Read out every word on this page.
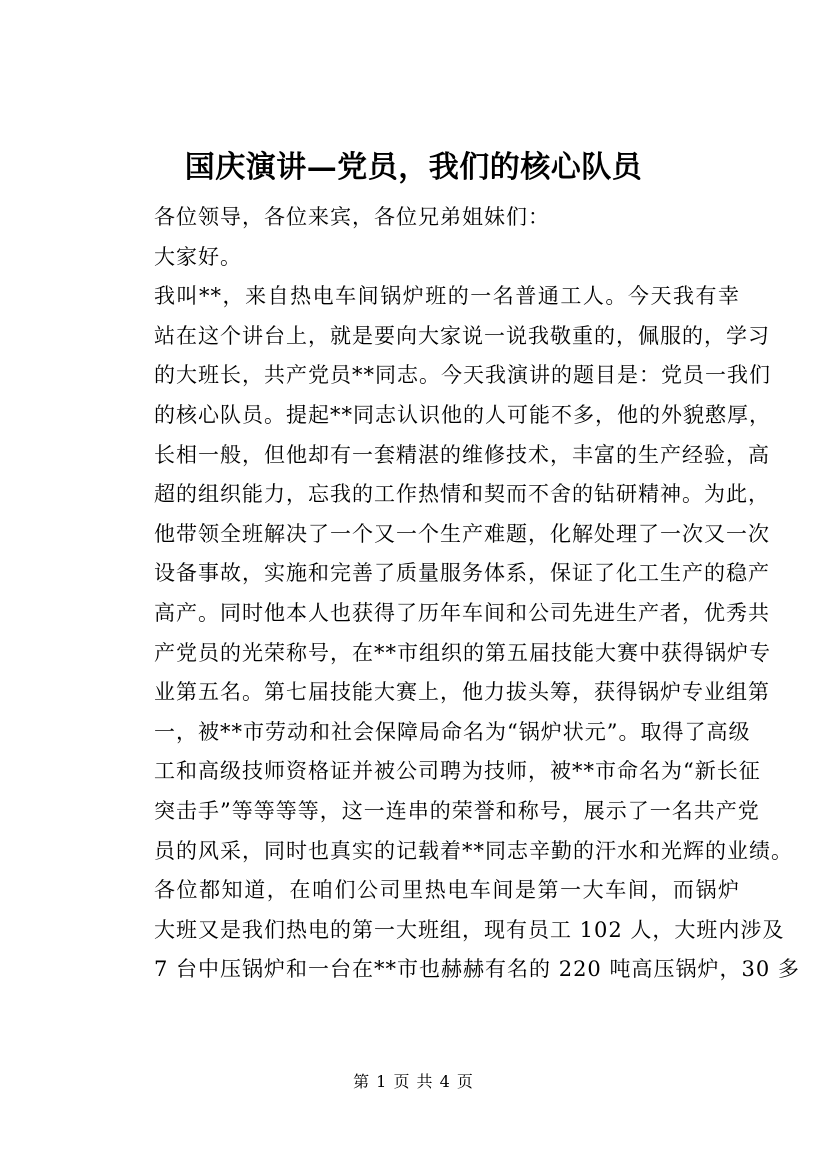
国庆演讲—党员，我们的核心队员

各位领导，各位来宾，各位兄弟姐妹们：

大家好。

我叫**，来自热电车间锅炉班的一名普通工人。今天我有幸
站在这个讲台上，就是要向大家说一说我敬重的，佩服的，学习
的大班长，共产党员**同志。今天我演讲的题目是：党员一我们
的核心队员。提起**同志认识他的人可能不多，他的外貌憨厚，
长相一般，但他却有一套精湛的维修技术，丰富的生产经验，高
超的组织能力，忘我的工作热情和契而不舍的钻研精神。为此，
他带领全班解决了一个又一个生产难题，化解处理了一次又一次
设备事故，实施和完善了质量服务体系，保证了化工生产的稳产
高产。同时他本人也获得了历年车间和公司先进生产者，优秀共
产党员的光荣称号，在**市组织的第五届技能大赛中获得锅炉专
业第五名。第七届技能大赛上，他力拔头筹，获得锅炉专业组第
一，被**市劳动和社会保障局命名为“锅炉状元”。取得了高级
工和高级技师资格证并被公司聘为技师，被**市命名为“新长征
突击手”等等等等，这一连串的荣誉和称号，展示了一名共产党
员的风采，同时也真实的记载着**同志辛勤的汗水和光辉的业绩。

各位都知道，在咱们公司里热电车间是第一大车间，而锅炉
大班又是我们热电的第一大班组，现有员工 102 人，大班内涉及
7 台中压锅炉和一台在**市也赫赫有名的 220 吨高压锅炉，30 多

第 1 页 共 4 页
